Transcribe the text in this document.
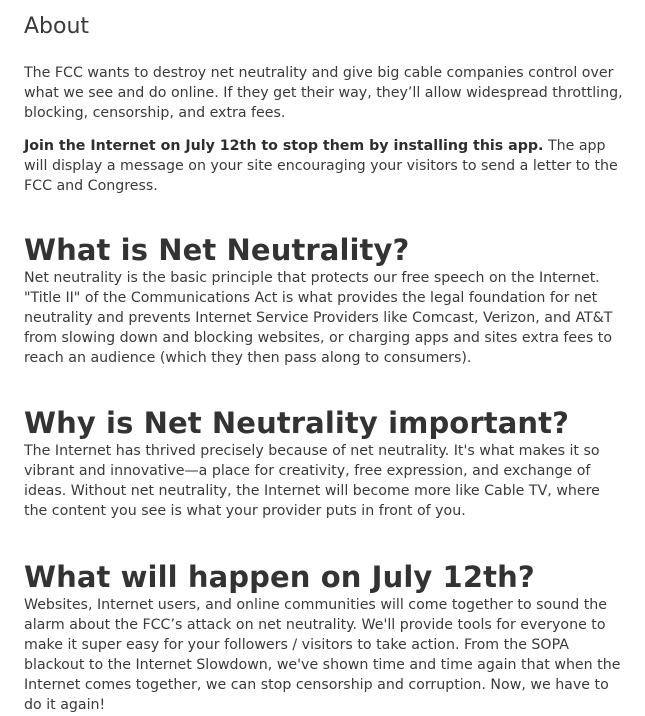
About

The FCC wants to destroy net neutrality and give big cable companies control over what we see and do online. If they get their way, they’ll allow widespread throttling, blocking, censorship, and extra fees.

Join the Internet on July 12th to stop them by installing this app. The app will display a message on your site encouraging your visitors to send a letter to the FCC and Congress.

What is Net Neutrality?

Net neutrality is the basic principle that protects our free speech on the Internet. "Title II" of the Communications Act is what provides the legal foundation for net neutrality and prevents Internet Service Providers like Comcast, Verizon, and AT&T from slowing down and blocking websites, or charging apps and sites extra fees to reach an audience (which they then pass along to consumers).

Why is Net Neutrality important?

The Internet has thrived precisely because of net neutrality. It's what makes it so vibrant and innovative—a place for creativity, free expression, and exchange of ideas. Without net neutrality, the Internet will become more like Cable TV, where the content you see is what your provider puts in front of you.

What will happen on July 12th?

Websites, Internet users, and online communities will come together to sound the alarm about the FCC’s attack on net neutrality. We'll provide tools for everyone to make it super easy for your followers / visitors to take action. From the SOPA blackout to the Internet Slowdown, we've shown time and time again that when the Internet comes together, we can stop censorship and corruption. Now, we have to do it again!
